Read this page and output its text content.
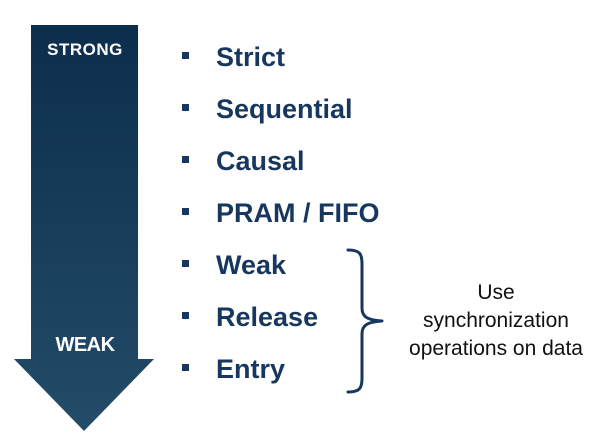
STRONG
WEAK
Strict
Sequential
Causal
PRAM / FIFO
Weak
Release
Entry
Use
synchronization
operations on data
